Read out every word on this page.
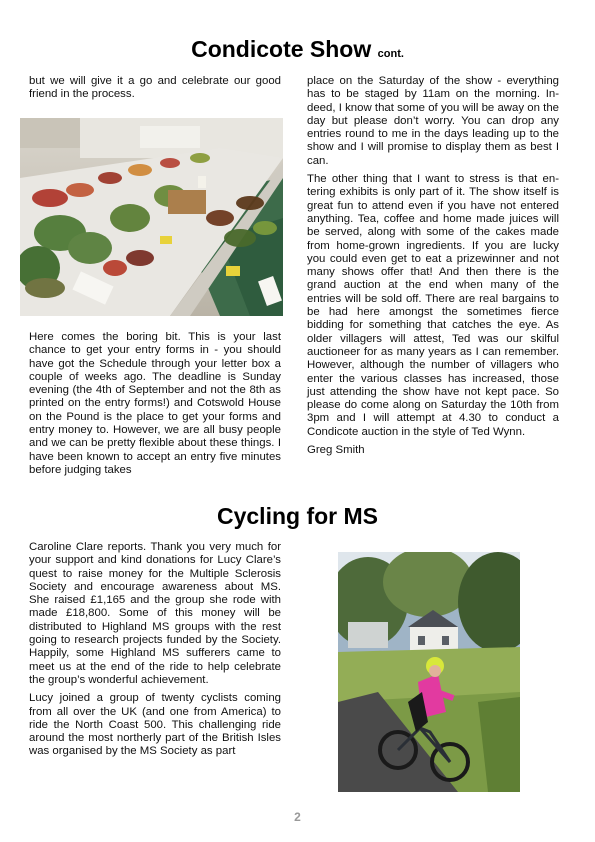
Condicote Show cont.

but we will give it a go and celebrate our good friend in the process.

Here comes the boring bit. This is your last chance to get your entry forms in - you should have got the Schedule through your letter box a couple of weeks ago. The deadline is Sunday evening (the 4th of September and not the 8th as printed on the entry forms!) and Cotswold House on the Pound is the place to get your forms and entry money to. However, we are all busy people and we can be pretty flexible about these things. I have been known to accept an entry five minutes before judging takes

place on the Saturday of the show - everything has to be staged by 11am on the morning. Indeed, I know that some of you will be away on the day but please don’t worry. You can drop any entries round to me in the days leading up to the show and I will promise to display them as best I can.

The other thing that I want to stress is that entering exhibits is only part of it. The show itself is great fun to attend even if you have not entered anything. Tea, coffee and home made juices will be served, along with some of the cakes made from home-grown ingredients. If you are lucky you could even get to eat a prizewinner and not many shows offer that! And then there is the grand auction at the end when many of the entries will be sold off. There are real bargains to be had here amongst the sometimes fierce bidding for something that catches the eye. As older villagers will attest, Ted was our skilful auctioneer for as many years as I can remember. However, although the number of villagers who enter the various classes has increased, those just attending the show have not kept pace. So please do come along on Saturday the 10th from 3pm and I will attempt at 4.30 to conduct a Condicote auction in the style of Ted Wynn.

Greg Smith

Cycling for MS

Caroline Clare reports. Thank you very much for your support and kind donations for Lucy Clare’s quest to raise money for the Multiple Sclerosis Society and encourage awareness about MS. She raised £1,165 and the group she rode with made £18,800. Some of this money will be distributed to Highland MS groups with the rest going to research projects funded by the Society. Happily, some Highland MS sufferers came to meet us at the end of the ride to help celebrate the group’s wonderful achievement.

Lucy joined a group of twenty cyclists coming from all over the UK (and one from America) to ride the North Coast 500. This challenging ride around the most northerly part of the British Isles was organised by the MS Society as part

2
